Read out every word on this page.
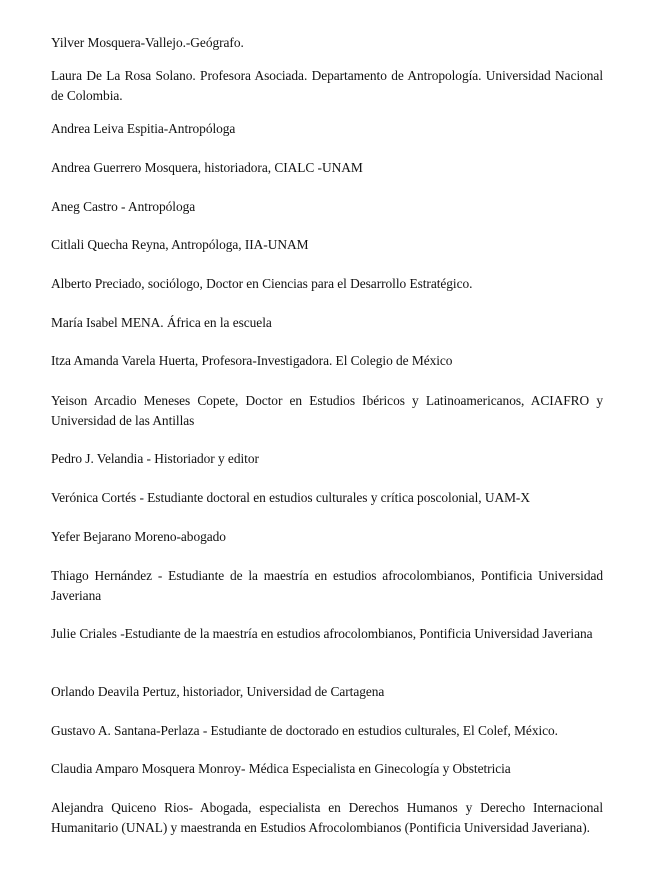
Yilver Mosquera-Vallejo.-Geógrafo.

Laura De La Rosa Solano. Profesora Asociada. Departamento de Antropología. Universidad Nacional de Colombia.

Andrea Leiva Espitia-Antropóloga

Andrea Guerrero Mosquera, historiadora, CIALC -UNAM

Aneg Castro - Antropóloga

Citlali Quecha Reyna, Antropóloga, IIA-UNAM

Alberto Preciado, sociólogo, Doctor en Ciencias para el Desarrollo Estratégico.

María Isabel MENA. África en la escuela

Itza Amanda Varela Huerta, Profesora-Investigadora. El Colegio de México

Yeison Arcadio Meneses Copete, Doctor en Estudios Ibéricos y Latinoamericanos, ACIAFRO y Universidad de las Antillas

Pedro J. Velandia - Historiador y editor

Verónica Cortés - Estudiante doctoral en estudios culturales y crítica poscolonial, UAM-X

Yefer Bejarano Moreno-abogado

Thiago Hernández - Estudiante de la maestría en estudios afrocolombianos, Pontificia Universidad Javeriana

Julie Criales -Estudiante de la maestría en estudios afrocolombianos, Pontificia Universidad Javeriana

Orlando Deavila Pertuz, historiador, Universidad de Cartagena

Gustavo A. Santana-Perlaza - Estudiante de doctorado en estudios culturales, El Colef, México.

Claudia Amparo Mosquera Monroy- Médica Especialista en Ginecología y Obstetricia

Alejandra Quiceno Rios- Abogada, especialista en Derechos Humanos y Derecho Internacional Humanitario (UNAL) y maestranda en Estudios Afrocolombianos (Pontificia Universidad Javeriana).
